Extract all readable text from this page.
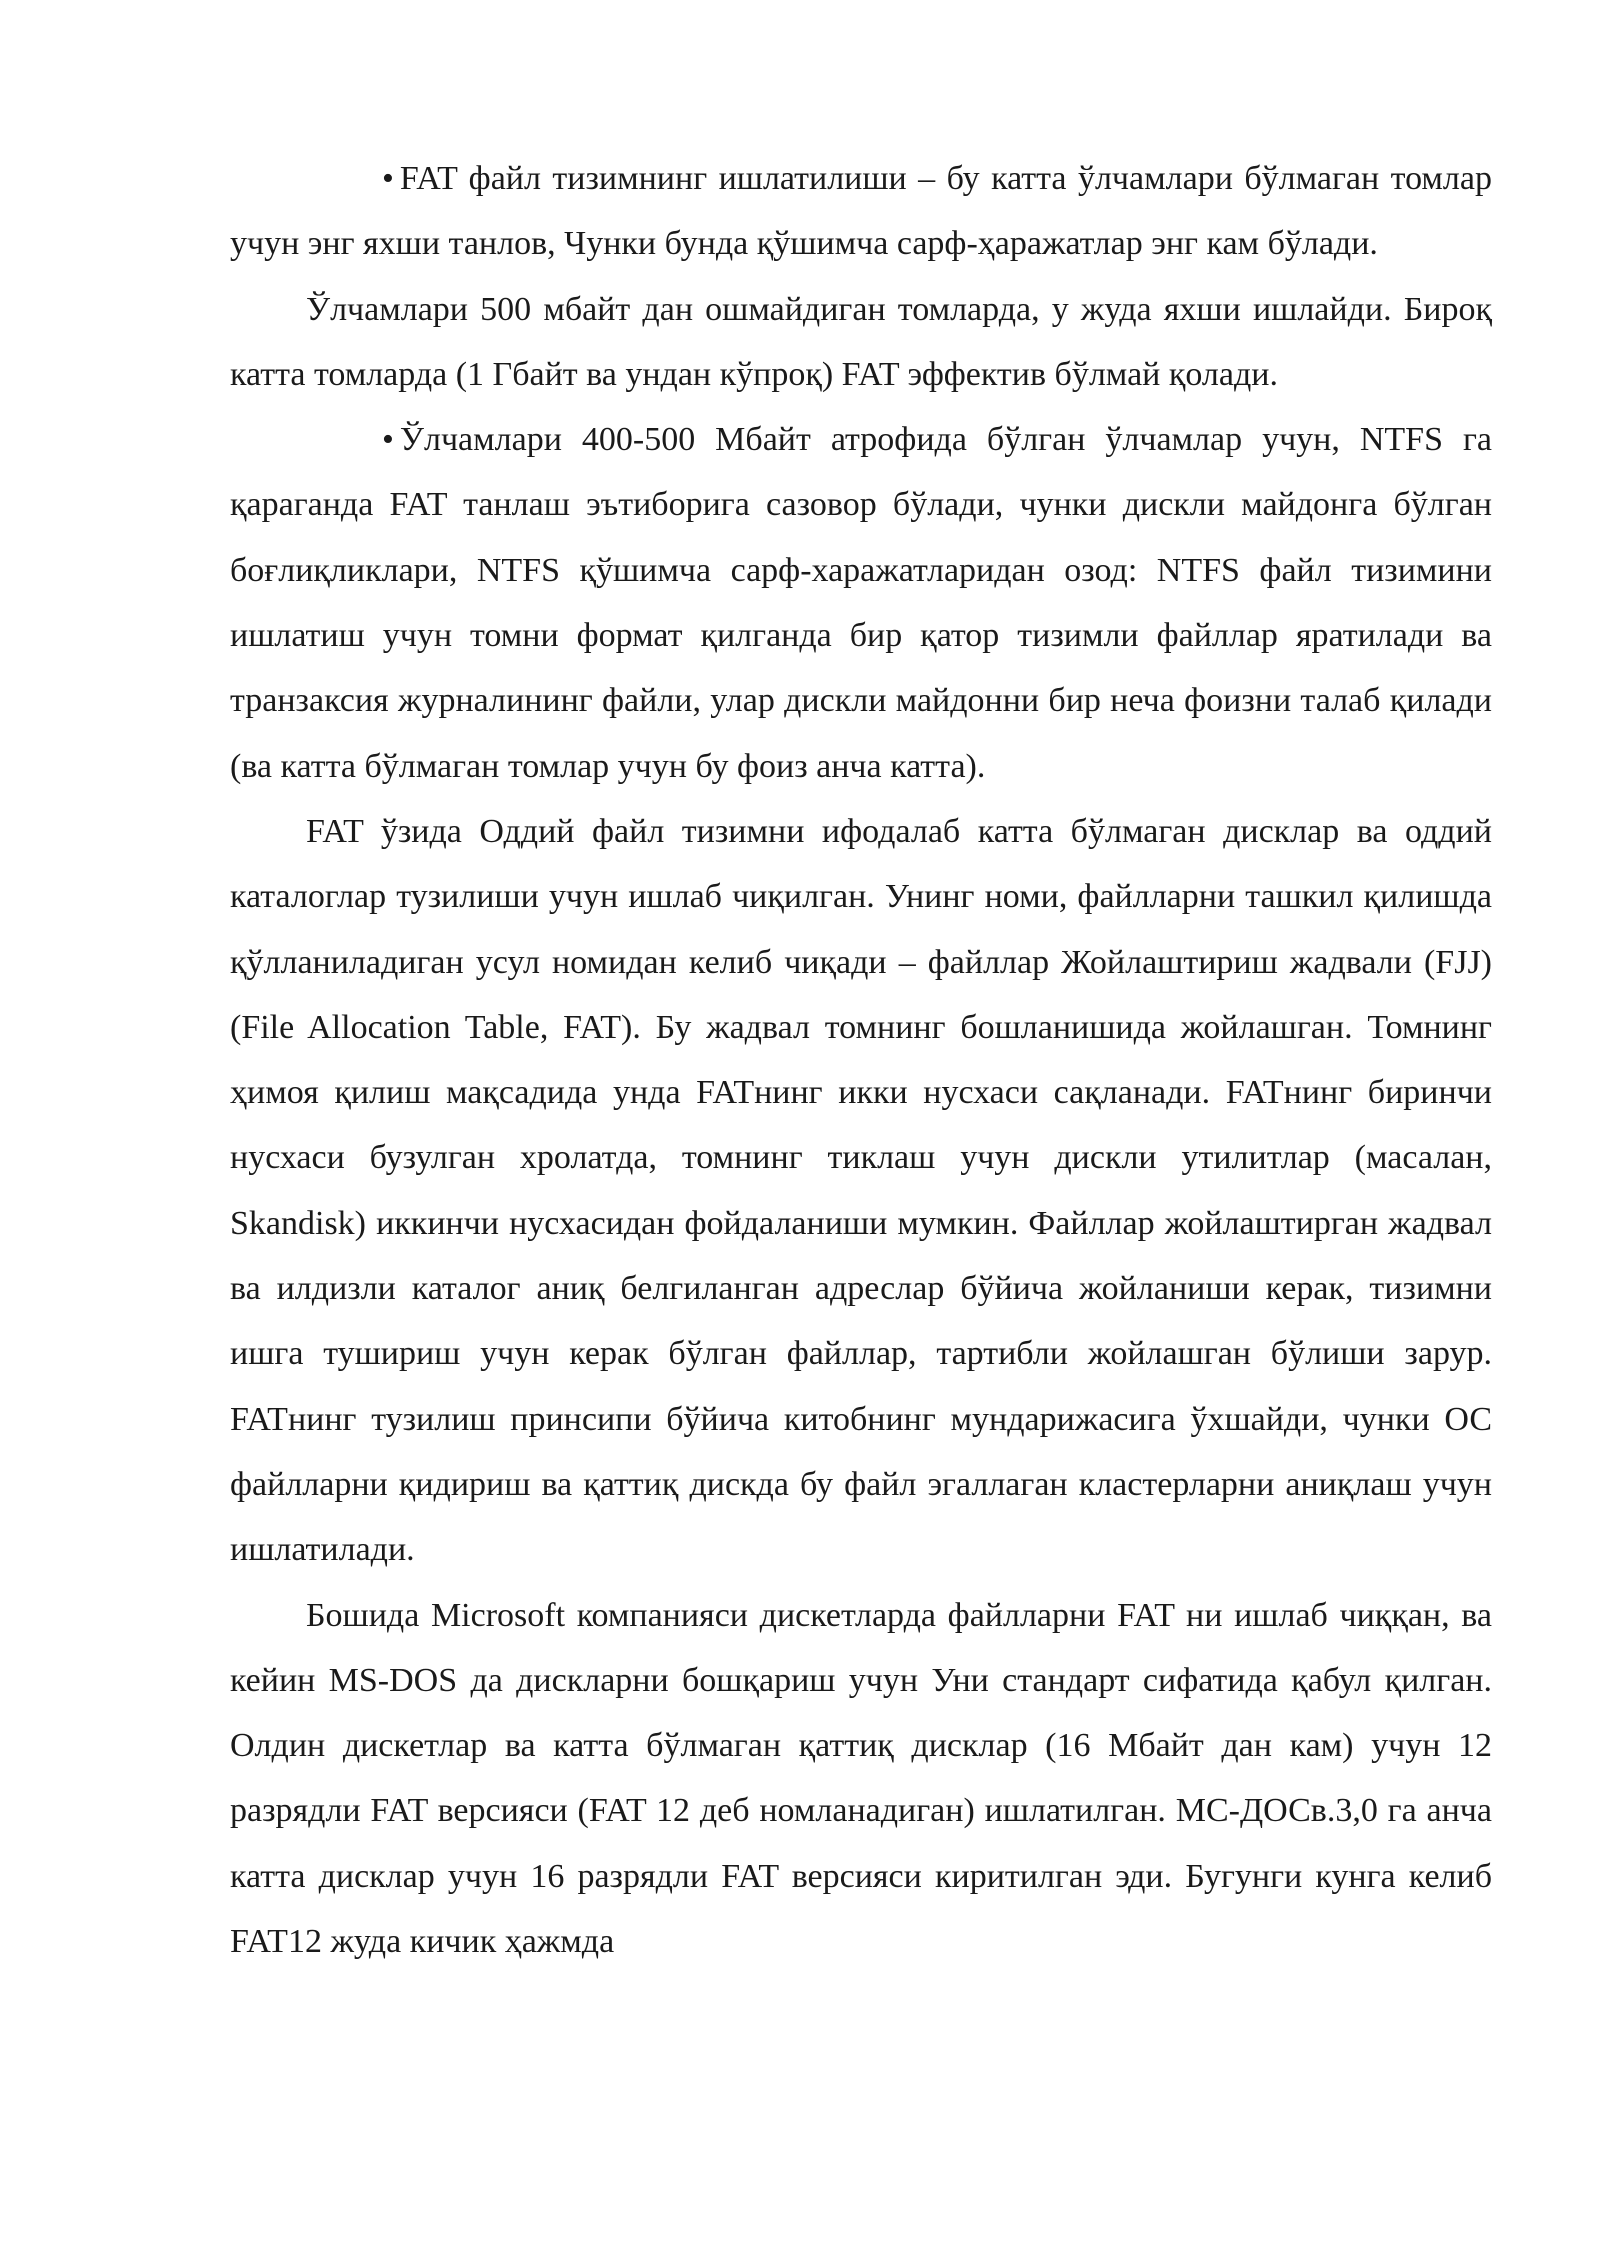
• FAT файл тизимнинг ишлатилиши – бу катта ўлчамлари бўлмаган томлар учун энг яхши танлов, Чунки бунда қўшимча сарф-ҳаражатлар энг кам бўлади.

Ўлчамлари 500 мбайт дан ошмайдиган томларда, у жуда яхши ишлайди. Бироқ катта томларда (1 Гбайт ва ундан кўпроқ) FAT эффектив бўлмай қолади.

• Ўлчамлари 400-500 Мбайт атрофида бўлган ўлчамлар учун, NTFS га қараганда FAT танлаш эътиборига сазовор бўлади, чунки дискли майдонга бўлган боғлиқликлари, NTFS қўшимча сарф-харажатларидан озод: NTFS файл тизимини ишлатиш учун томни формат қилганда бир қатор тизимли файллар яратилади ва транзаксия журналининг файли, улар дискли майдонни бир неча фоизни талаб қилади (ва катта бўлмаган томлар учун бу фоиз анча катта).

FAT ўзида Оддий файл тизимни ифодалаб катта бўлмаган дисклар ва оддий каталоглар тузилиши учун ишлаб чиқилган. Унинг номи, файлларни ташкил қилишда қўлланиладиган усул номидан келиб чиқади – файллар Жойлаштириш жадвали (FJJ) (File Allocation Table, FAT). Бу жадвал томнинг бошланишида жойлашган. Томнинг ҳимоя қилиш мақсадида унда FATнинг икки нусхаси сақланади. FATнинг биринчи нусхаси бузулган хролатда, томнинг тиклаш учун дискли утилитлар (масалан, Skandisk) иккинчи нусхасидан фойдаланиши мумкин. Файллар жойлаштирган жадвал ва илдизли каталог аниқ белгиланган адреслар бўйича жойланиши керак, тизимни ишга тушириш учун керак бўлган файллар, тартибли жойлашган бўлиши зарур. FATнинг тузилиш принсипи бўйича китобнинг мундарижасига ўхшайди, чунки ОС файлларни қидириш ва қаттиқ дискда бу файл эгаллаган кластерларни аниқлаш учун ишлатилади.

Бошида Microsoft компанияси дискетларда файлларни FAT ни ишлаб чиққан, ва кейин MS-DOS да дискларни бошқариш учун Уни стандарт сифатида қабул қилган. Олдин дискетлар ва катта бўлмаган қаттиқ дисклар (16 Мбайт дан кам) учун 12 разрядли FAT версияси (FAT 12 деб номланадиган) ишлатилган. МС-ДОСв.3,0 га анча катта дисклар учун 16 разрядли FAT версияси киритилган эди. Бугунги кунга келиб FAT12 жуда кичик ҳажмда
